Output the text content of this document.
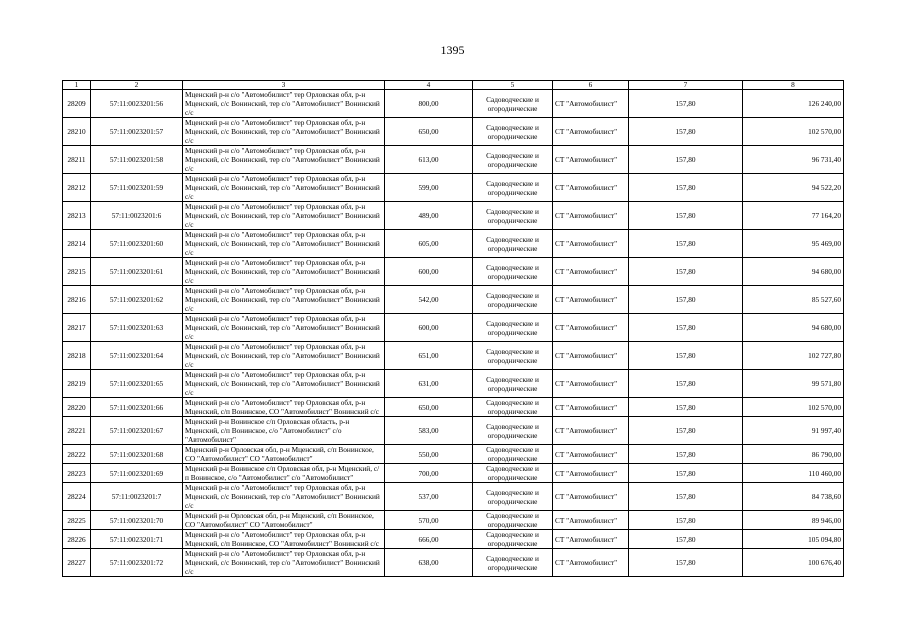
1395
1	2	3	4	5	6	7	8
28209	57:11:0023201:56	Мценский р-н с/о "Автомобилист" тер Орловская обл, р-н Мценский, с/с Вонинский, тер с/о "Автомобилист" Вонинский с/с	800,00	Садоводческие и огороднические	СТ "Автомобилист"	157,80	126 240,00
28210	57:11:0023201:57	Мценский р-н с/о "Автомобилист" тер Орловская обл, р-н Мценский, с/с Вонинский, тер с/о "Автомобилист" Вонинский с/с	650,00	Садоводческие и огороднические	СТ "Автомобилист"	157,80	102 570,00
28211	57:11:0023201:58	Мценский р-н с/о "Автомобилист" тер Орловская обл, р-н Мценский, с/с Вонинский, тер с/о "Автомобилист" Вонинский с/с	613,00	Садоводческие и огороднические	СТ "Автомобилист"	157,80	96 731,40
28212	57:11:0023201:59	Мценский р-н с/о "Автомобилист" тер Орловская обл, р-н Мценский, с/с Вонинский, тер с/о "Автомобилист" Вонинский с/с	599,00	Садоводческие и огороднические	СТ "Автомобилист"	157,80	94 522,20
28213	57:11:0023201:6	Мценский р-н с/о "Автомобилист" тер Орловская обл, р-н Мценский, с/с Вонинский, тер с/о "Автомобилист" Вонинский с/с	489,00	Садоводческие и огороднические	СТ "Автомобилист"	157,80	77 164,20
28214	57:11:0023201:60	Мценский р-н с/о "Автомобилист" тер Орловская обл, р-н Мценский, с/с Вонинский, тер с/о "Автомобилист" Вонинский с/с	605,00	Садоводческие и огороднические	СТ "Автомобилист"	157,80	95 469,00
28215	57:11:0023201:61	Мценский р-н с/о "Автомобилист" тер Орловская обл, р-н Мценский, с/с Вонинский, тер с/о "Автомобилист" Вонинский с/с	600,00	Садоводческие и огороднические	СТ "Автомобилист"	157,80	94 680,00
28216	57:11:0023201:62	Мценский р-н с/о "Автомобилист" тер Орловская обл, р-н Мценский, с/с Вонинский, тер с/о "Автомобилист" Вонинский с/с	542,00	Садоводческие и огороднические	СТ "Автомобилист"	157,80	85 527,60
28217	57:11:0023201:63	Мценский р-н с/о "Автомобилист" тер Орловская обл, р-н Мценский, с/с Вонинский, тер с/о "Автомобилист" Вонинский с/с	600,00	Садоводческие и огороднические	СТ "Автомобилист"	157,80	94 680,00
28218	57:11:0023201:64	Мценский р-н с/о "Автомобилист" тер Орловская обл, р-н Мценский, с/с Вонинский, тер с/о "Автомобилист" Вонинский с/с	651,00	Садоводческие и огороднические	СТ "Автомобилист"	157,80	102 727,80
28219	57:11:0023201:65	Мценский р-н с/о "Автомобилист" тер Орловская обл, р-н Мценский, с/с Вонинский, тер с/о "Автомобилист" Вонинский с/с	631,00	Садоводческие и огороднические	СТ "Автомобилист"	157,80	99 571,80
28220	57:11:0023201:66	Мценский р-н с/о "Автомобилист" тер Орловская обл, р-н Мценский, с/п Вонинское, СО "Автомобилист" Вонинский с/с	650,00	Садоводческие и огороднические	СТ "Автомобилист"	157,80	102 570,00
28221	57:11:0023201:67	Мценский р-н Вонинское с/п Орловская область, р-н Мценский, с/п Вонинское, с/о "Автомобилист" с/о "Автомобилист"	583,00	Садоводческие и огороднические	СТ "Автомобилист"	157,80	91 997,40
28222	57:11:0023201:68	Мценский р-н Орловская обл, р-н Мценский, с/п Вонинское, СО "Автомобилист" СО "Автомобилист"	550,00	Садоводческие и огороднические	СТ "Автомобилист"	157,80	86 790,00
28223	57:11:0023201:69	Мценский р-н Вонинское с/п Орловская обл, р-н Мценский, с/п Вонинское, с/о "Автомобилист" с/о "Автомобилист"	700,00	Садоводческие и огороднические	СТ "Автомобилист"	157,80	110 460,00
28224	57:11:0023201:7	Мценский р-н с/о "Автомобилист" тер Орловская обл, р-н Мценский, с/с Вонинский, тер с/о "Автомобилист" Вонинский с/с	537,00	Садоводческие и огороднические	СТ "Автомобилист"	157,80	84 738,60
28225	57:11:0023201:70	Мценский р-н Орловская обл, р-н Мценский, с/п Вонинское, СО "Автомобилист" СО "Автомобилист"	570,00	Садоводческие и огороднические	СТ "Автомобилист"	157,80	89 946,00
28226	57:11:0023201:71	Мценский р-н с/о "Автомобилист" тер Орловская обл, р-н Мценский, с/п Вонинское, СО "Автомобилист" Вонинский с/с	666,00	Садоводческие и огороднические	СТ "Автомобилист"	157,80	105 094,80
28227	57:11:0023201:72	Мценский р-н с/о "Автомобилист" тер Орловская обл, р-н Мценский, с/с Вонинский, тер с/о "Автомобилист" Вонинский с/с	638,00	Садоводческие и огороднические	СТ "Автомобилист"	157,80	100 676,40
